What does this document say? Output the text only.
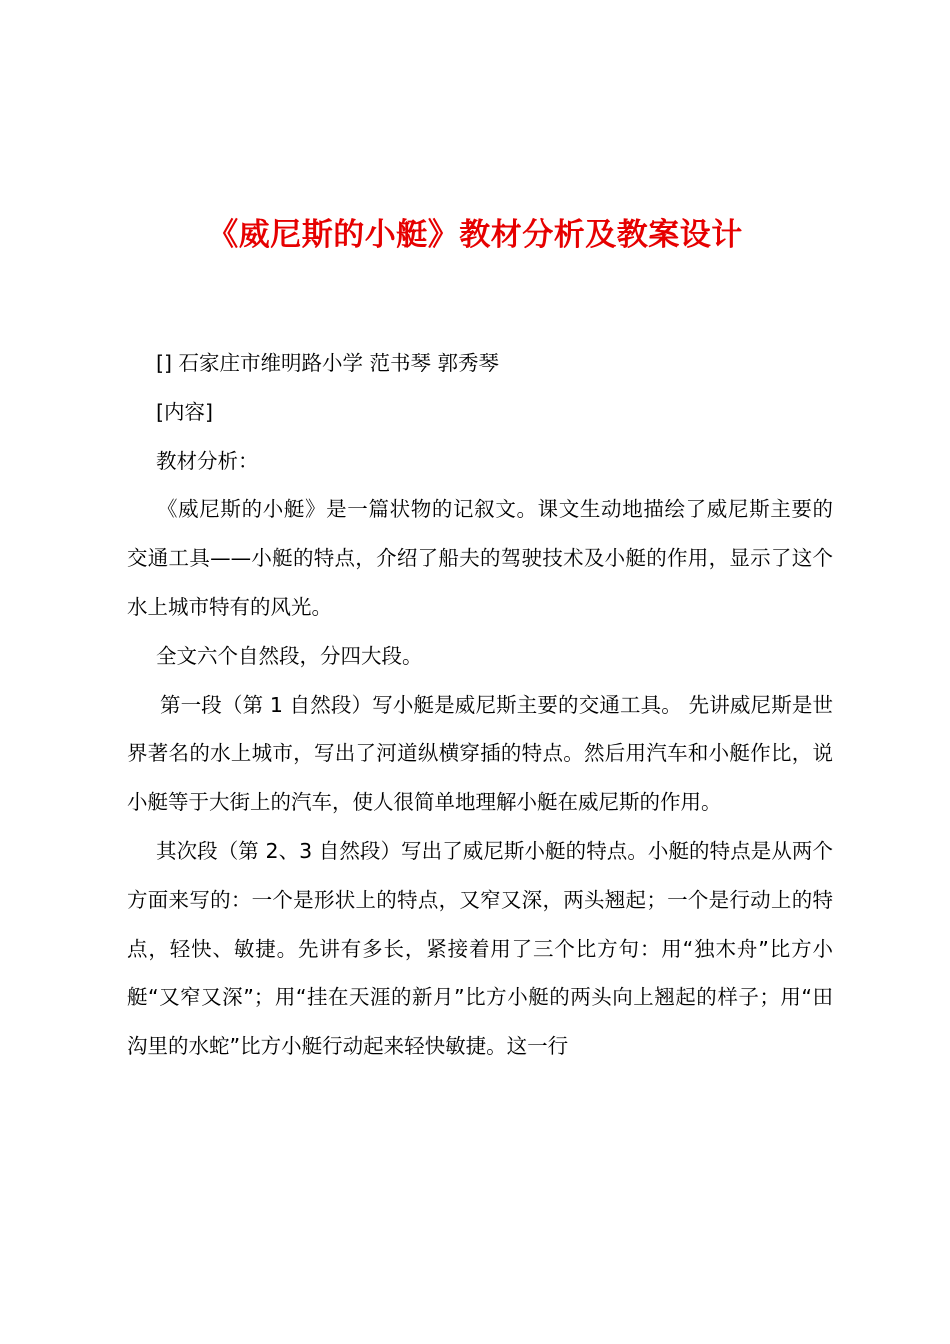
《威尼斯的小艇》教材分析及教案设计

[] 石家庄市维明路小学 范书琴 郭秀琴

[内容]

教材分析：

《威尼斯的小艇》是一篇状物的记叙文。课文生动地描绘了威尼斯主要的交通工具——小艇的特点，介绍了船夫的驾驶技术及小艇的作用，显示了这个水上城市特有的风光。

全文六个自然段，分四大段。

第一段（第 1 自然段）写小艇是威尼斯主要的交通工具。 先讲威尼斯是世界著名的水上城市，写出了河道纵横穿插的特点。然后用汽车和小艇作比，说小艇等于大街上的汽车，使人很简单地理解小艇在威尼斯的作用。

其次段（第 2、3 自然段）写出了威尼斯小艇的特点。小艇的特点是从两个方面来写的：一个是形状上的特点，又窄又深，两头翘起；一个是行动上的特点，轻快、敏捷。先讲有多长，紧接着用了三个比方句：用“独木舟”比方小艇“又窄又深”；用“挂在天涯的新月”比方小艇的两头向上翘起的样子；用“田沟里的水蛇”比方小艇行动起来轻快敏捷。这一行
